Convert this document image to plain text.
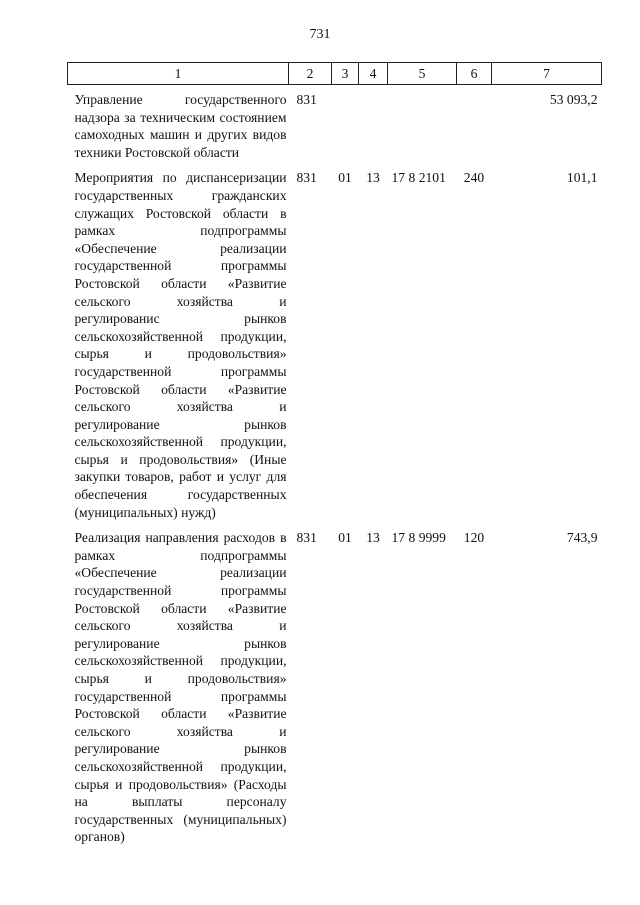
731
1	2	3	4	5	6	7
Управление государственного надзора за техническим состоянием самоходных машин и других видов техники Ростовской области	831					53 093,2
Мероприятия по диспансеризации государственных гражданских служащих Ростовской области в рамках подпрограммы «Обеспечение реализации государственной программы Ростовской области «Развитие сельского хозяйства и регулированис рынков сельскохозяйственной продукции, сырья и продовольствия» государственной программы Ростовской области «Развитие сельского хозяйства и регулирование рынков сельскохозяйственной продукции, сырья и продовольствия» (Иные закупки товаров, работ и услуг для обеспечения государственных (муниципальных) нужд)	831	01	13	17 8 2101	240	101,1
Реализация направления расходов в рамках подпрограммы «Обеспечение реализации государственной программы Ростовской области «Развитие сельского хозяйства и регулирование рынков сельскохозяйственной продукции, сырья и продовольствия» государственной программы Ростовской области «Развитие сельского хозяйства и регулирование рынков сельскохозяйственной продукции, сырья и продовольствия» (Расходы на выплаты персоналу государственных (муниципальных) органов)	831	01	13	17 8 9999	120	743,9
